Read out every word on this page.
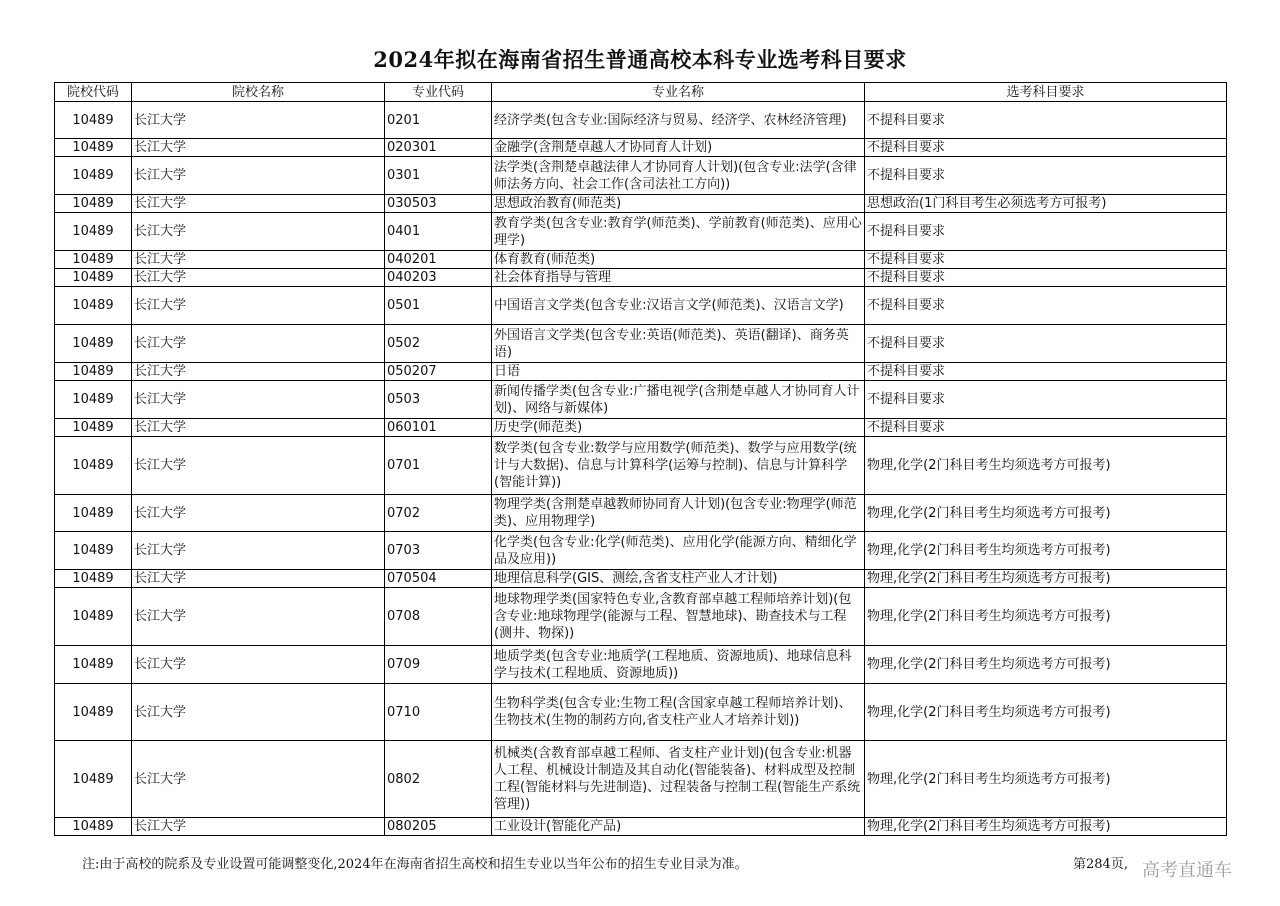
2024年拟在海南省招生普通高校本科专业选考科目要求
院校代码	院校名称	专业代码	专业名称	选考科目要求
10489	长江大学	0201	经济学类(包含专业:国际经济与贸易、经济学、农林经济管理)	不提科目要求
10489	长江大学	020301	金融学(含荆楚卓越人才协同育人计划)	不提科目要求
10489	长江大学	0301	法学类(含荆楚卓越法律人才协同育人计划)(包含专业:法学(含律师法务方向、社会工作(含司法社工方向))	不提科目要求
10489	长江大学	030503	思想政治教育(师范类)	思想政治(1门科目考生必须选考方可报考)
10489	长江大学	0401	教育学类(包含专业:教育学(师范类)、学前教育(师范类)、应用心理学)	不提科目要求
10489	长江大学	040201	体育教育(师范类)	不提科目要求
10489	长江大学	040203	社会体育指导与管理	不提科目要求
10489	长江大学	0501	中国语言文学类(包含专业:汉语言文学(师范类)、汉语言文学)	不提科目要求
10489	长江大学	0502	外国语言文学类(包含专业:英语(师范类)、英语(翻译)、商务英语)	不提科目要求
10489	长江大学	050207	日语	不提科目要求
10489	长江大学	0503	新闻传播学类(包含专业:广播电视学(含荆楚卓越人才协同育人计划)、网络与新媒体)	不提科目要求
10489	长江大学	060101	历史学(师范类)	不提科目要求
10489	长江大学	0701	数学类(包含专业:数学与应用数学(师范类)、数学与应用数学(统计与大数据)、信息与计算科学(运筹与控制)、信息与计算科学(智能计算))	物理,化学(2门科目考生均须选考方可报考)
10489	长江大学	0702	物理学类(含荆楚卓越教师协同育人计划)(包含专业:物理学(师范类)、应用物理学)	物理,化学(2门科目考生均须选考方可报考)
10489	长江大学	0703	化学类(包含专业:化学(师范类)、应用化学(能源方向、精细化学品及应用))	物理,化学(2门科目考生均须选考方可报考)
10489	长江大学	070504	地理信息科学(GIS、测绘,含省支柱产业人才计划)	物理,化学(2门科目考生均须选考方可报考)
10489	长江大学	0708	地球物理学类(国家特色专业,含教育部卓越工程师培养计划)(包含专业:地球物理学(能源与工程、智慧地球)、勘查技术与工程(测井、物探))	物理,化学(2门科目考生均须选考方可报考)
10489	长江大学	0709	地质学类(包含专业:地质学(工程地质、资源地质)、地球信息科学与技术(工程地质、资源地质))	物理,化学(2门科目考生均须选考方可报考)
10489	长江大学	0710	生物科学类(包含专业:生物工程(含国家卓越工程师培养计划)、生物技术(生物的制药方向,省支柱产业人才培养计划))	物理,化学(2门科目考生均须选考方可报考)
10489	长江大学	0802	机械类(含教育部卓越工程师、省支柱产业计划)(包含专业:机器人工程、机械设计制造及其自动化(智能装备)、材料成型及控制工程(智能材料与先进制造)、过程装备与控制工程(智能生产系统管理))	物理,化学(2门科目考生均须选考方可报考)
10489	长江大学	080205	工业设计(智能化产品)	物理,化学(2门科目考生均须选考方可报考)
注:由于高校的院系及专业设置可能调整变化,2024年在海南省招生高校和招生专业以当年公布的招生专业目录为准。	第284页, 高考直通车
